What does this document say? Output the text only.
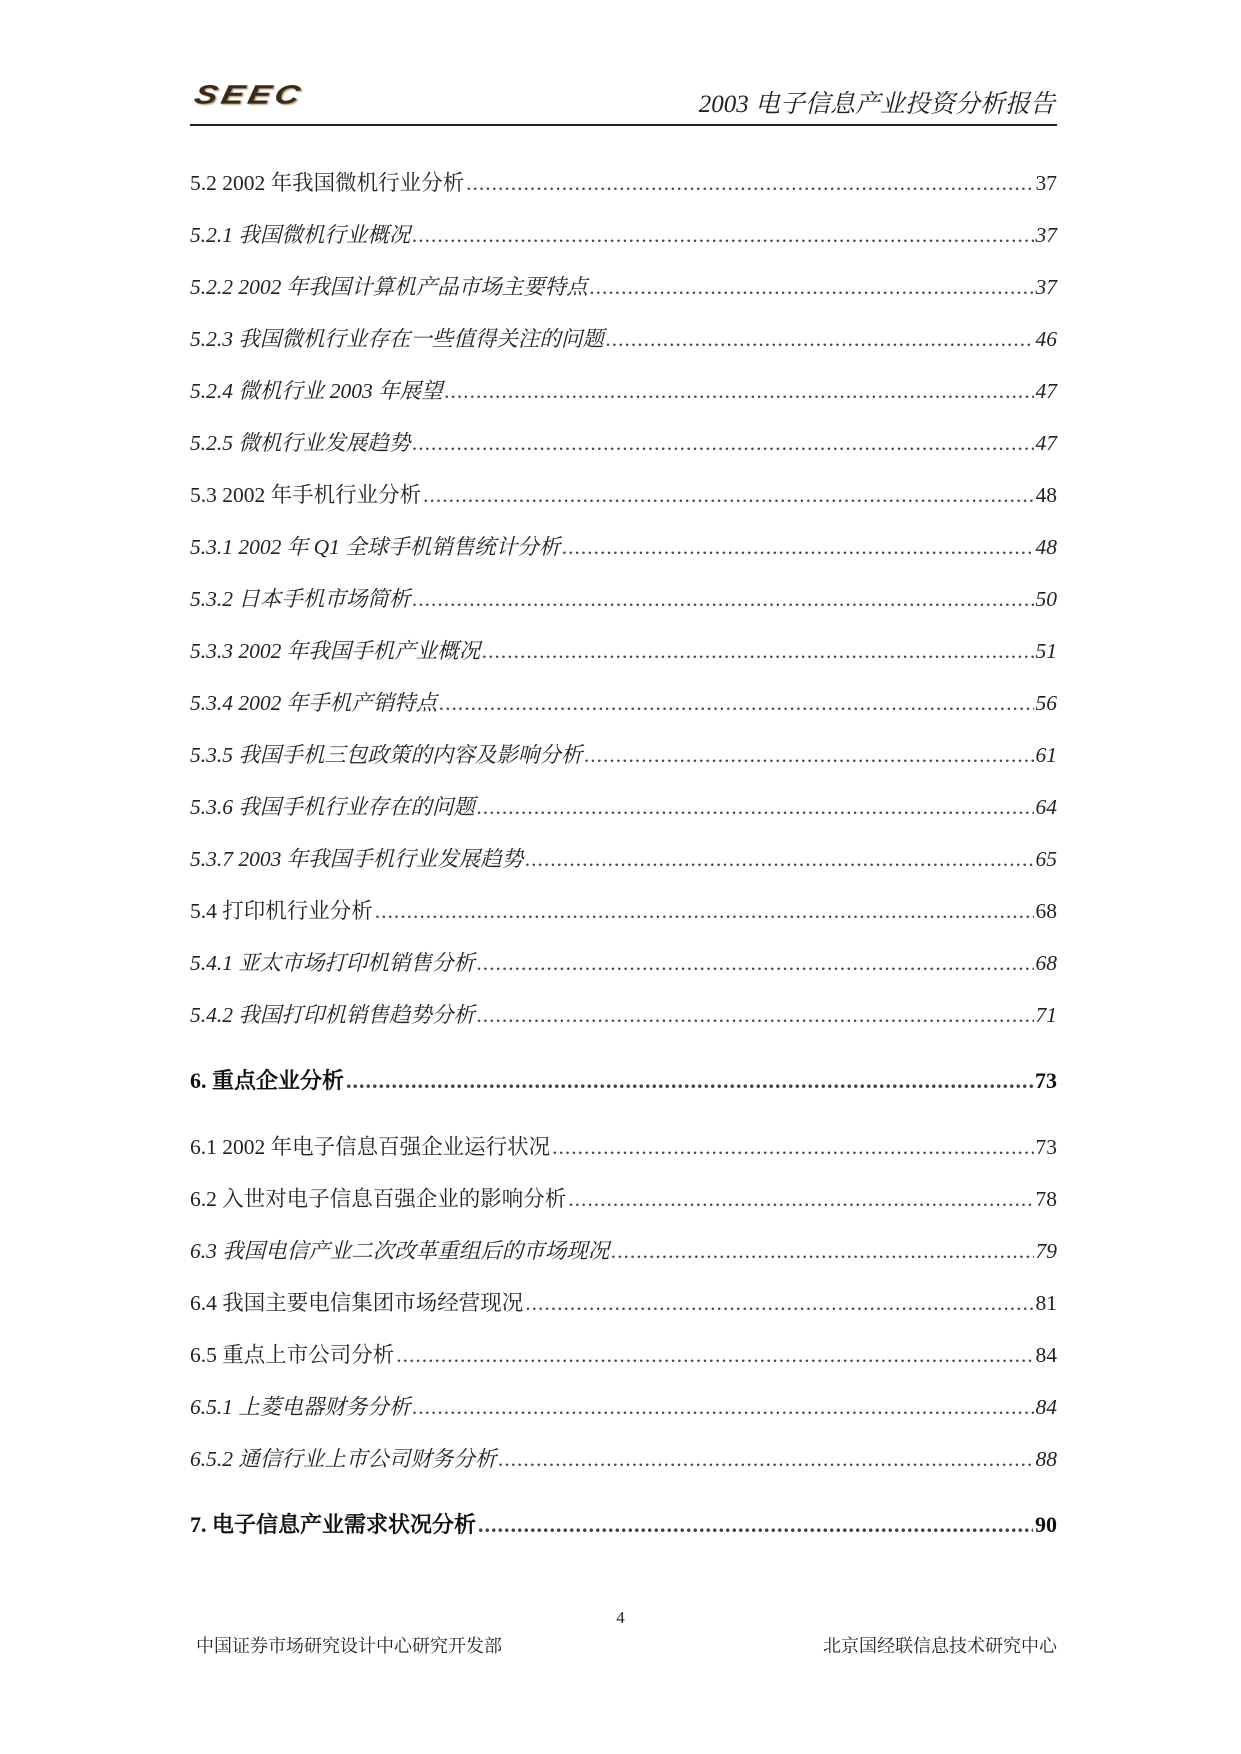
SEEC	2003 电子信息产业投资分析报告
5.2 2002 年我国微机行业分析 .....	37
5.2.1 我国微机行业概况 .....	37
5.2.2 2002 年我国计算机产品市场主要特点 .....	37
5.2.3 我国微机行业存在一些值得关注的问题 .....	46
5.2.4 微机行业 2003 年展望 .....	47
5.2.5 微机行业发展趋势 .....	47
5.3 2002 年手机行业分析 .....	48
5.3.1 2002 年 Q1 全球手机销售统计分析 .....	48
5.3.2 日本手机市场简析 .....	50
5.3.3 2002 年我国手机产业概况 .....	51
5.3.4 2002 年手机产销特点 .....	56
5.3.5 我国手机三包政策的内容及影响分析 .....	61
5.3.6 我国手机行业存在的问题 .....	64
5.3.7 2003 年我国手机行业发展趋势 .....	65
5.4 打印机行业分析 .....	68
5.4.1 亚太市场打印机销售分析 .....	68
5.4.2 我国打印机销售趋势分析 .....	71
6. 重点企业分析 .....	73
6.1 2002 年电子信息百强企业运行状况 .....	73
6.2 入世对电子信息百强企业的影响分析 .....	78
6.3 我国电信产业二次改革重组后的市场现况 .....	79
6.4 我国主要电信集团市场经营现况 .....	81
6.5 重点上市公司分析 .....	84
6.5.1 上菱电器财务分析 .....	84
6.5.2 通信行业上市公司财务分析 .....	88
7. 电子信息产业需求状况分析 .....	90
4
中国证券市场研究设计中心研究开发部	北京国经联信息技术研究中心
